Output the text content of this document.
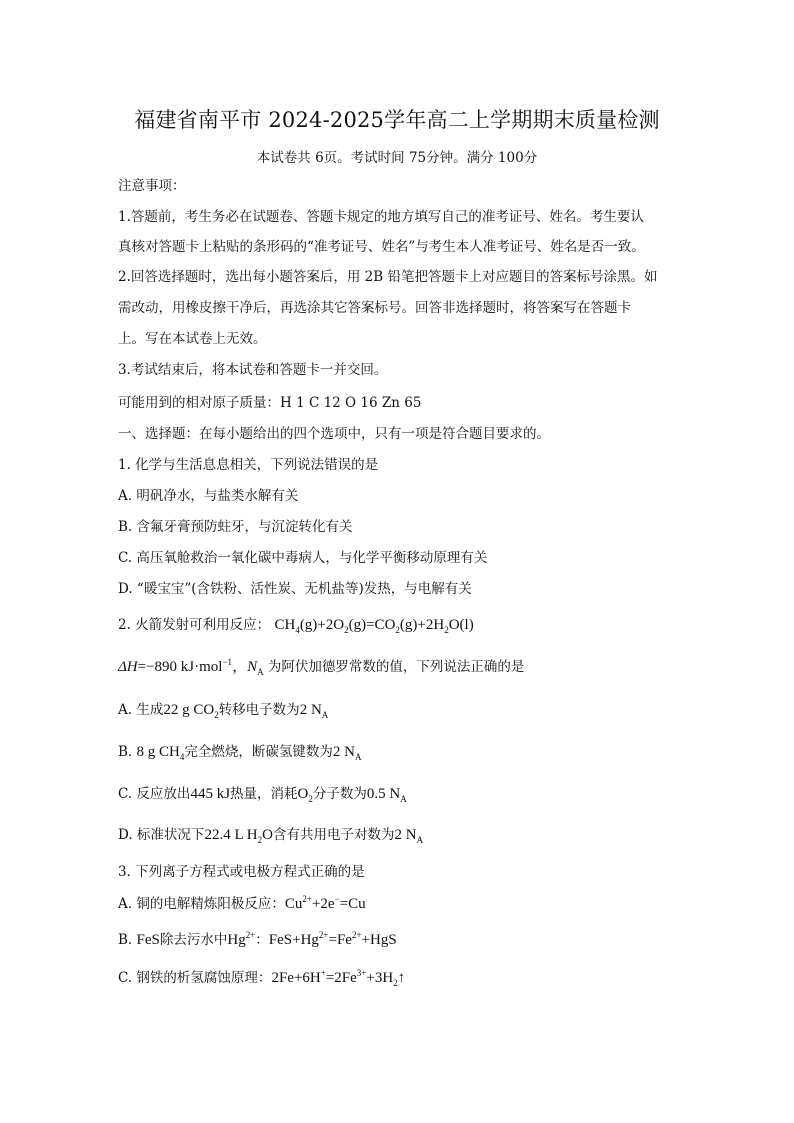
福建省南平市 2024-2025学年高二上学期期末质量检测
本试卷共 6页。考试时间 75分钟。满分 100分
注意事项：
1.答题前，考生务必在试题卷、答题卡规定的地方填写自己的准考证号、姓名。考生要认
真核对答题卡上粘贴的条形码的“准考证号、姓名”与考生本人准考证号、姓名是否一致。
2.回答选择题时，选出每小题答案后，用 2B 铅笔把答题卡上对应题目的答案标号涂黑。如
需改动，用橡皮擦干净后，再选涂其它答案标号。回答非选择题时，将答案写在答题卡
上。写在本试卷上无效。
3.考试结束后，将本试卷和答题卡一并交回。
可能用到的相对原子质量：H 1 C 12 O 16 Zn 65
一、选择题：在每小题给出的四个选项中，只有一项是符合题目要求的。
1. 化学与生活息息相关，下列说法错误的是
A. 明矾净水，与盐类水解有关
B. 含氟牙膏预防蛀牙，与沉淀转化有关
C. 高压氧舱救治一氧化碳中毒病人，与化学平衡移动原理有关
D. “暖宝宝”(含铁粉、活性炭、无机盐等)发热，与电解有关
2. 火箭发射可利用反应： $CH_4(g)+2O_2(g)=CO_2(g)+2H_2O(l)$
ΔH=−890 kJ·mol$^{-1}$，$N_A$ 为阿伏加德罗常数的值，下列说法正确的是
A. 生成22 g $CO_2$转移电子数为2 $N_A$
B. 8 g $CH_4$完全燃烧，断碳氢键数为2 $N_A$
C. 反应放出445 kJ热量，消耗$O_2$分子数为0.5 $N_A$
D. 标准状况下22.4 L $H_2O$含有共用电子对数为2 $N_A$
3. 下列离子方程式或电极方程式正确的是
A. 铜的电解精炼阳极反应：$Cu^{2+}+2e^-=Cu$
B. FeS除去污水中$Hg^{2+}$：$FeS+Hg^{2+}=Fe^{2+}+HgS$
C. 钢铁的析氢腐蚀原理：$2Fe+6H^+=2Fe^{3+}+3H_2↑$
